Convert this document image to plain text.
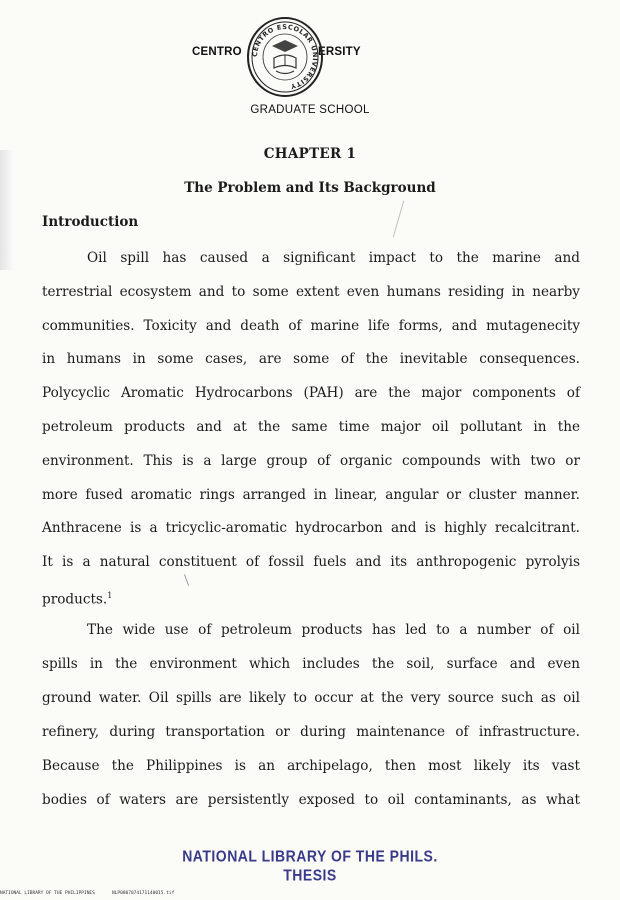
CENTRO	ERSITY
CENTRO ESCOLAR UNIVERSITY
GRADUATE SCHOOL
CHAPTER 1
The Problem and Its Background
Introduction
Oil spill has caused a significant impact to the marine and
terrestrial ecosystem and to some extent even humans residing in nearby
communities. Toxicity and death of marine life forms, and mutagenecity
in humans in some cases, are some of the inevitable consequences.
Polycyclic Aromatic Hydrocarbons (PAH) are the major components of
petroleum products and at the same time major oil pollutant in the
environment. This is a large group of organic compounds with two or
more fused aromatic rings arranged in linear, angular or cluster manner.
Anthracene is a tricyclic-aromatic hydrocarbon and is highly recalcitrant.
It is a natural constituent of fossil fuels and its anthropogenic pyrolyis
products.$^1$
The wide use of petroleum products has led to a number of oil
spills in the environment which includes the soil, surface and even
ground water. Oil spills are likely to occur at the very source such as oil
refinery, during transportation or during maintenance of infrastructure.
Because the Philippines is an archipelago, then most likely its vast
bodies of waters are persistently exposed to oil contaminants, as what
NATIONAL LIBRARY OF THE PHILS.
THESIS
NATIONAL LIBRARY OF THE PHILIPPINES	NLP0807074171140015.tif
